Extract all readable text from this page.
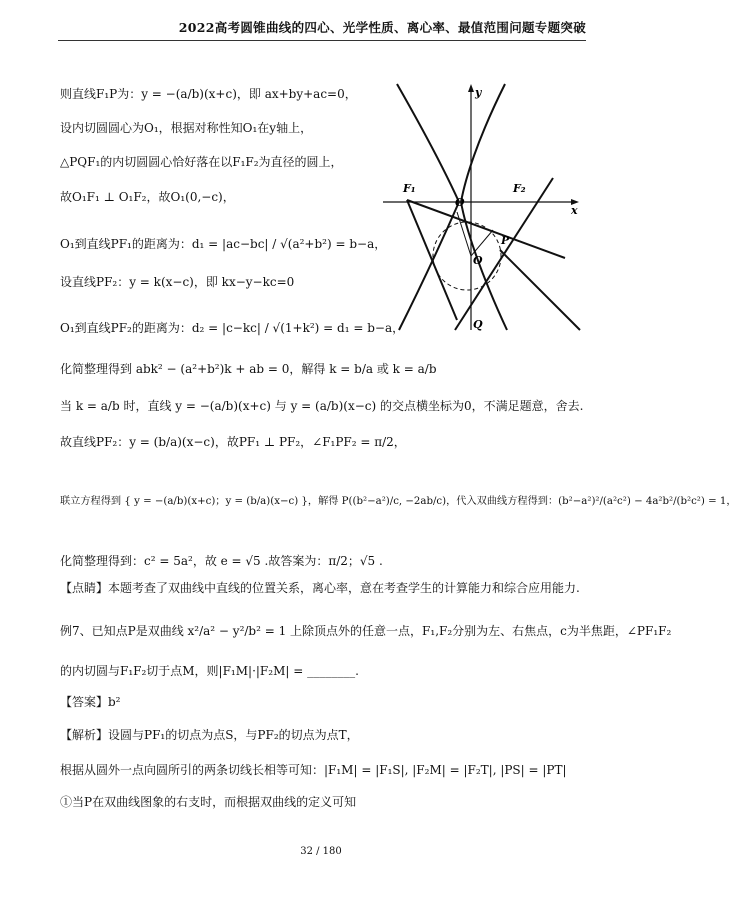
2022高考圆锥曲线的四心、光学性质、离心率、最值范围问题专题突破
则直线F₁P为：y = −(a/b)(x+c)，即 ax+by+ac=0，
设内切圆圆心为O₁，根据对称性知O₁在y轴上，
△PQF₁的内切圆圆心恰好落在以F₁F₂为直径的圆上，
故O₁F₁ ⊥ O₁F₂，故O₁(0,−c)，
O₁到直线PF₁的距离为：d₁ = |ac−bc| / √(a²+b²) = b−a，
设直线PF₂：y = k(x−c)，即 kx−y−kc=0
O₁到直线PF₂的距离为：d₂ = |c−kc| / √(1+k²) = d₁ = b−a，
化简整理得到 abk² − (a²+b²)k + ab = 0，解得 k = b/a 或 k = a/b
当 k = a/b 时，直线 y = −(a/b)(x+c) 与 y = (a/b)(x−c) 的交点横坐标为0，不满足题意，舍去.
故直线PF₂：y = (b/a)(x−c)，故PF₁ ⊥ PF₂，∠F₁PF₂ = π/2，
联立方程得到 { y = −(a/b)(x+c)；y = (b/a)(x−c) }，解得 P((b²−a²)/c, −2ab/c)，代入双曲线方程得到：(b²−a²)²/(a²c²) − 4a²b²/(b²c²) = 1，
化简整理得到：c² = 5a²，故 e = √5 .故答案为：π/2；√5 .
【点睛】本题考查了双曲线中直线的位置关系，离心率，意在考查学生的计算能力和综合应用能力.
例7、已知点P是双曲线 x²/a² − y²/b² = 1 上除顶点外的任意一点，F₁,F₂分别为左、右焦点，c为半焦距，∠PF₁F₂
的内切圆与F₁F₂切于点M，则|F₁M|·|F₂M| = ________.
【答案】b²
【解析】设圆与PF₁的切点为点S，与PF₂的切点为点T，
根据从圆外一点向圆所引的两条切线长相等可知：|F₁M| = |F₁S|, |F₂M| = |F₂T|, |PS| = |PT|
①当P在双曲线图象的右支时，而根据双曲线的定义可知
F₁	F₂
O
O
P
Q
x
y
32 / 180
